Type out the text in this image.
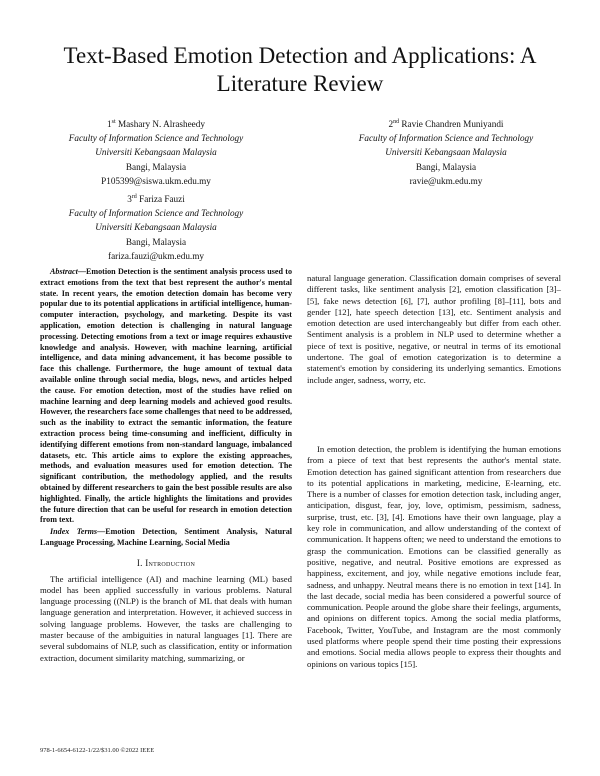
Text-Based Emotion Detection and Applications: A Literature Review
1st Mashary N. Alrasheedy
Faculty of Information Science and Technology
Universiti Kebangsaan Malaysia
Bangi, Malaysia
P105399@siswa.ukm.edu.my
2nd Ravie Chandren Muniyandi
Faculty of Information Science and Technology
Universiti Kebangsaan Malaysia
Bangi, Malaysia
ravie@ukm.edu.my
3rd Fariza Fauzi
Faculty of Information Science and Technology
Universiti Kebangsaan Malaysia
Bangi, Malaysia
fariza.fauzi@ukm.edu.my

Abstract—Emotion Detection is the sentiment analysis process used to extract emotions from the text that best represent the author's mental state. In recent years, the emotion detection domain has become very popular due to its potential applications in artificial intelligence, human-computer interaction, psychology, and marketing. Despite its vast application, emotion detection is challenging in natural language processing. Detecting emotions from a text or image requires exhaustive knowledge and analysis. However, with machine learning, artificial intelligence, and data mining advancement, it has become possible to face this challenge. Furthermore, the huge amount of textual data available online through social media, blogs, news, and articles helped the cause. For emotion detection, most of the studies have relied on machine learning and deep learning models and achieved good results. However, the researchers face some challenges that need to be addressed, such as the inability to extract the semantic information, the feature extraction process being time-consuming and inefficient, difficulty in identifying different emotions from non-standard language, imbalanced datasets, etc. This article aims to explore the existing approaches, methods, and evaluation measures used for emotion detection. The significant contribution, the methodology applied, and the results obtained by different researchers to gain the best possible results are also highlighted. Finally, the article highlights the limitations and provides the future direction that can be useful for research in emotion detection from text.

Index Terms—Emotion Detection, Sentiment Analysis, Natural Language Processing, Machine Learning, Social Media

I. Introduction

The artificial intelligence (AI) and machine learning (ML) based model has been applied successfully in various problems. Natural language processing ((NLP) is the branch of ML that deals with human language generation and interpretation. However, it achieved success in solving language problems. However, the tasks are challenging to master because of the ambiguities in natural languages [1]. There are several subdomains of NLP, such as classification, entity or information extraction, document similarity matching, summarizing, or

natural language generation. Classification domain comprises of several different tasks, like sentiment analysis [2], emotion classification [3]–[5], fake news detection [6], [7], author profiling [8]–[11], bots and gender [12], hate speech detection [13], etc. Sentiment analysis and emotion detection are used interchangeably but differ from each other. Sentiment analysis is a problem in NLP used to determine whether a piece of text is positive, negative, or neutral in terms of its emotional undertone. The goal of emotion categorization is to determine a statement's emotion by considering its underlying semantics. Emotions include anger, sadness, worry, etc.

In emotion detection, the problem is identifying the human emotions from a piece of text that best represents the author's mental state. Emotion detection has gained significant attention from researchers due to its potential applications in marketing, medicine, E-learning, etc. There is a number of classes for emotion detection task, including anger, anticipation, disgust, fear, joy, love, optimism, pessimism, sadness, surprise, trust, etc. [3], [4]. Emotions have their own language, play a key role in communication, and allow understanding of the context of communication. It happens often; we need to understand the emotions to grasp the communication. Emotions can be classified generally as positive, negative, and neutral. Positive emotions are expressed as happiness, excitement, and joy, while negative emotions include fear, sadness, and unhappy. Neutral means there is no emotion in text [14]. In the last decade, social media has been considered a powerful source of communication. People around the globe share their feelings, arguments, and opinions on different topics. Among the social media platforms, Facebook, Twitter, YouTube, and Instagram are the most commonly used platforms where people spend their time posting their expressions and emotions. Social media allows people to express their thoughts and opinions on various topics [15].

978-1-6654-6122-1/22/$31.00 ©2022 IEEE
